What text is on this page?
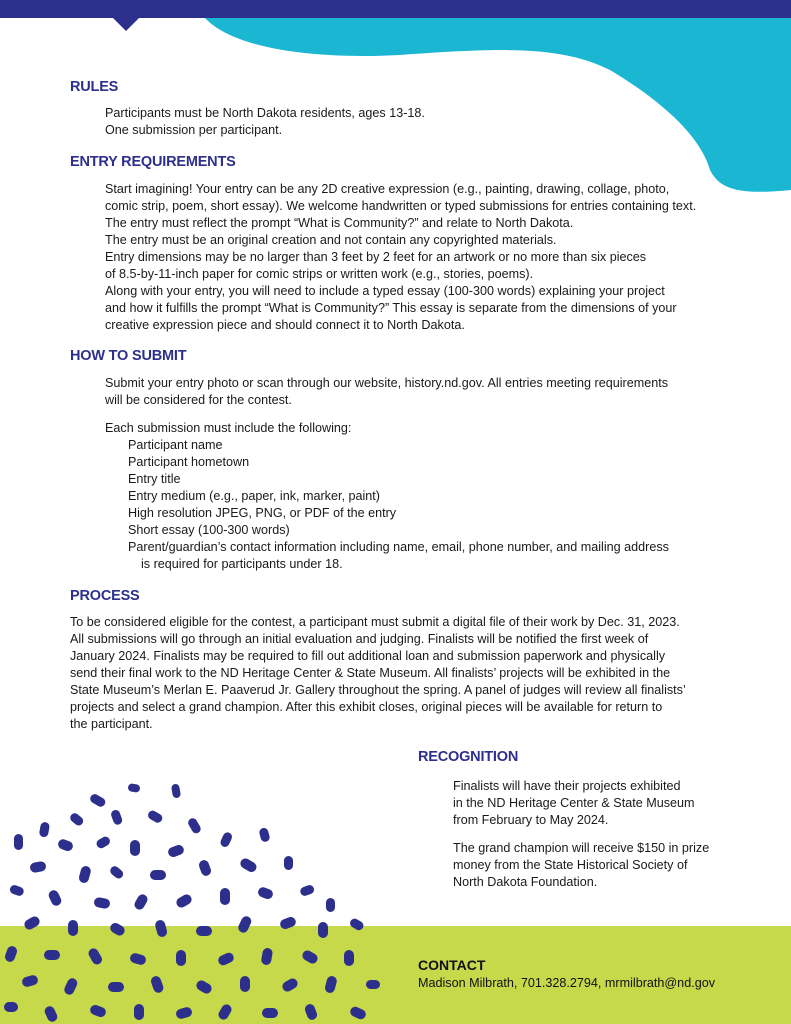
RULES

Participants must be North Dakota residents, ages 13-18.

One submission per participant.

ENTRY REQUIREMENTS

Start imagining! Your entry can be any 2D creative expression (e.g., painting, drawing, collage, photo,

comic strip, poem, short essay). We welcome handwritten or typed submissions for entries containing text.

The entry must reflect the prompt “What is Community?” and relate to North Dakota.

The entry must be an original creation and not contain any copyrighted materials.

Entry dimensions may be no larger than 3 feet by 2 feet for an artwork or no more than six pieces

of 8.5-by-11-inch paper for comic strips or written work (e.g., stories, poems).

Along with your entry, you will need to include a typed essay (100-300 words) explaining your project

and how it fulfills the prompt “What is Community?” This essay is separate from the dimensions of your

creative expression piece and should connect it to North Dakota.

HOW TO SUBMIT

Submit your entry photo or scan through our website, history.nd.gov. All entries meeting requirements

will be considered for the contest.

Each submission must include the following:
Participant name
Participant hometown
Entry title
Entry medium (e.g., paper, ink, marker, paint)
High resolution JPEG, PNG, or PDF of the entry
Short essay (100-300 words)
Parent/guardian’s contact information including name, email, phone number, and mailing address
is required for participants under 18.
PROCESS

To be considered eligible for the contest, a participant must submit a digital file of their work by Dec. 31, 2023.

All submissions will go through an initial evaluation and judging. Finalists will be notified the first week of

January 2024. Finalists may be required to fill out additional loan and submission paperwork and physically

send their final work to the ND Heritage Center & State Museum. All finalists’ projects will be exhibited in the

State Museum’s Merlan E. Paaverud Jr. Gallery throughout the spring. A panel of judges will review all finalists’

projects and select a grand champion. After this exhibit closes, original pieces will be available for return to

the participant.

RECOGNITION

Finalists will have their projects exhibited

in the ND Heritage Center & State Museum

from February to May 2024.

The grand champion will receive $150 in prize

money from the State Historical Society of

North Dakota Foundation.

CONTACT
Madison Milbrath, 701.328.2794, mrmilbrath@nd.gov
